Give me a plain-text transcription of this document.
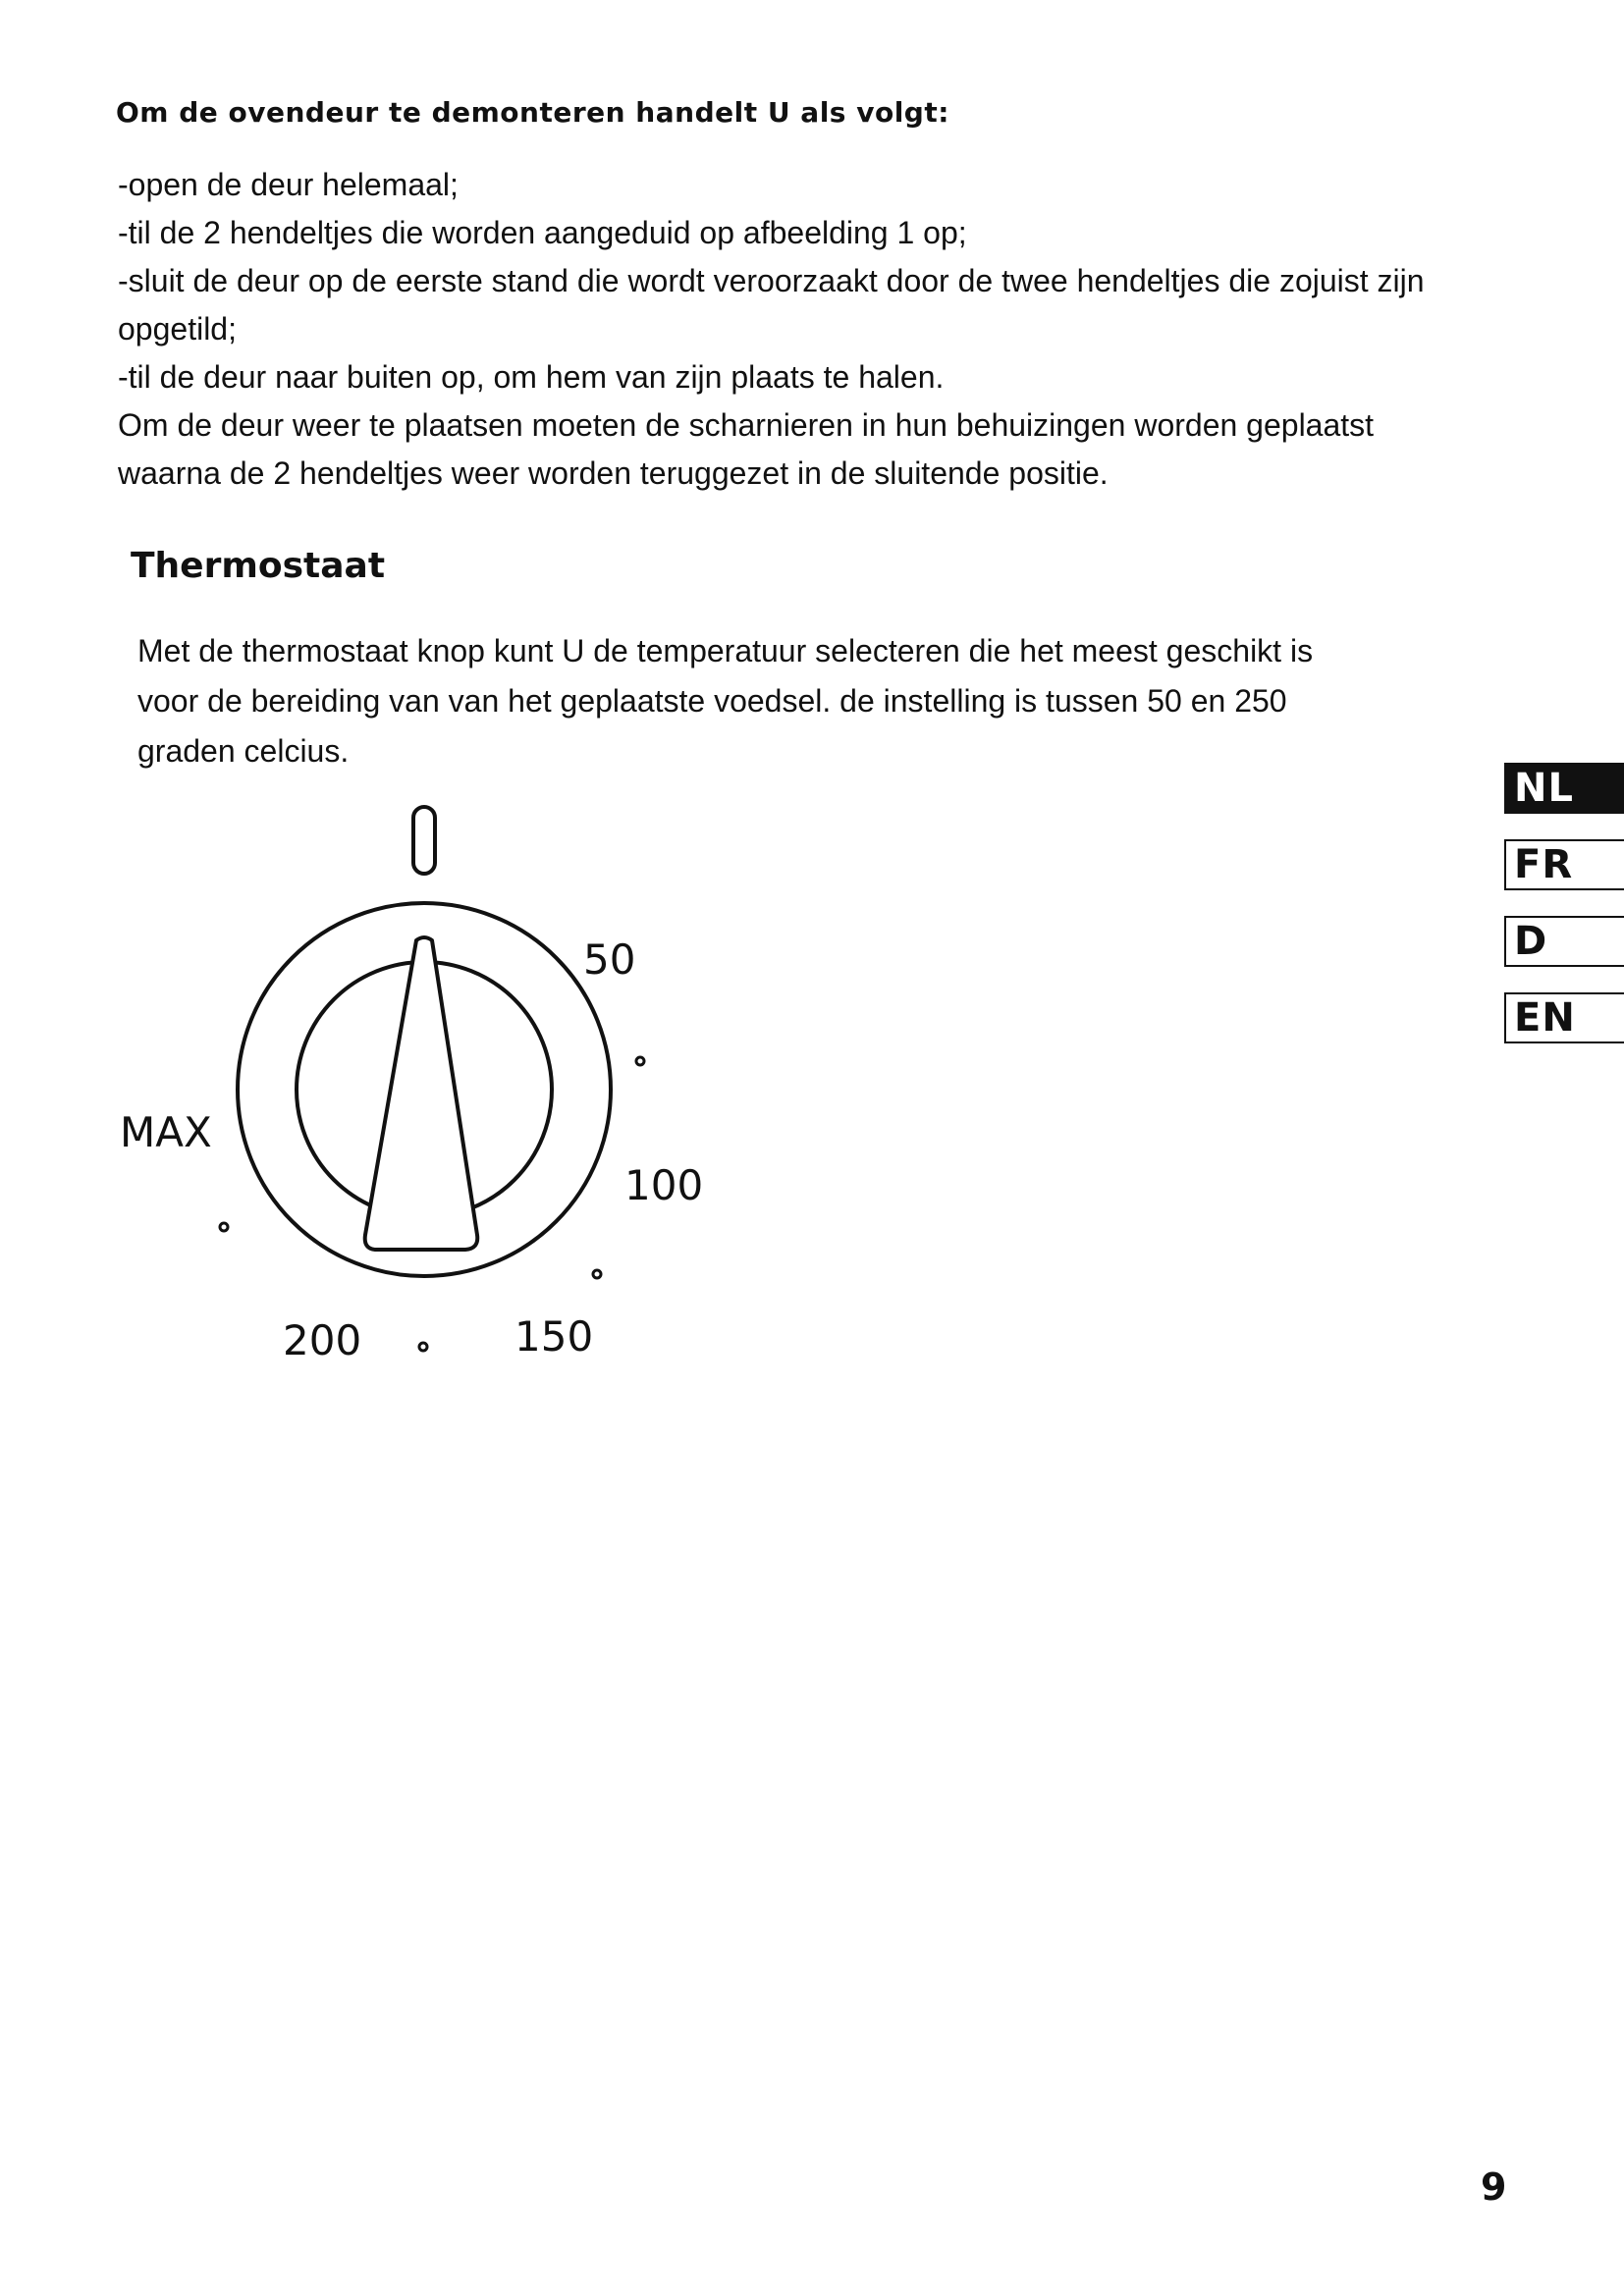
Om de ovendeur te demonteren handelt U als volgt:
-open de deur helemaal;
-til de 2 hendeltjes die worden aangeduid op afbeelding 1 op;
-sluit de deur op de eerste stand die wordt veroorzaakt door de twee hendeltjes die zojuist zijn
opgetild;
-til de deur naar buiten op, om hem van zijn plaats te halen.
Om de deur weer te plaatsen moeten de scharnieren in hun behuizingen worden geplaatst
waarna de 2 hendeltjes weer worden teruggezet in de sluitende positie.
Thermostaat
Met de thermostaat knop kunt U de temperatuur selecteren die het meest geschikt is
voor de bereiding van van het geplaatste voedsel. de instelling is tussen 50 en 250
graden celcius.
50
100
150
200
MAX
NL
FR
D
EN
9
